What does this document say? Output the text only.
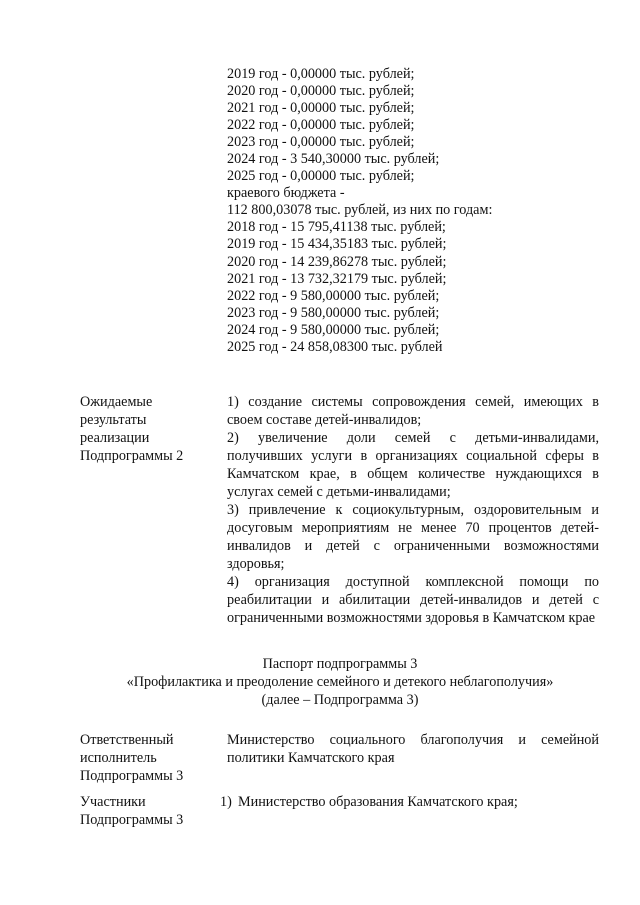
2019 год - 0,00000 тыс. рублей;
2020 год - 0,00000 тыс. рублей;
2021 год - 0,00000 тыс. рублей;
2022 год - 0,00000 тыс. рублей;
2023 год - 0,00000 тыс. рублей;
2024 год - 3 540,30000 тыс. рублей;
2025 год - 0,00000 тыс. рублей;
краевого бюджета -
112 800,03078 тыс. рублей, из них по годам:
2018 год - 15 795,41138 тыс. рублей;
2019 год - 15 434,35183 тыс. рублей;
2020 год - 14 239,86278 тыс. рублей;
2021 год - 13 732,32179 тыс. рублей;
2022 год - 9 580,00000 тыс. рублей;
2023 год - 9 580,00000 тыс. рублей;
2024 год - 9 580,00000 тыс. рублей;
2025 год - 24 858,08300 тыс. рублей
Ожидаемые
результаты
реализации
Подпрограммы 2
1) создание системы сопровождения семей, имеющих в своем составе детей-инвалидов;
2) увеличение доли семей с детьми-инвалидами, получивших услуги в организациях социальной сферы в Камчатском крае, в общем количестве нуждающихся в услугах семей с детьми-инвалидами;
3) привлечение к социокультурным, оздоровительным и досуговым мероприятиям не менее 70 процентов детей-инвалидов и детей с ограниченными возможностями здоровья;
4) организация доступной комплексной помощи по реабилитации и абилитации детей-инвалидов и детей с ограниченными возможностями здоровья в Камчатском крае
Паспорт подпрограммы 3
«Профилактика и преодоление семейного и детекого неблагополучия»
(далее – Подпрограмма 3)
Ответственный
исполнитель
Подпрограммы 3
Министерство социального благополучия и семейной политики Камчатского края
Участники
Подпрограммы 3
1) Министерство образования Камчатского края;
